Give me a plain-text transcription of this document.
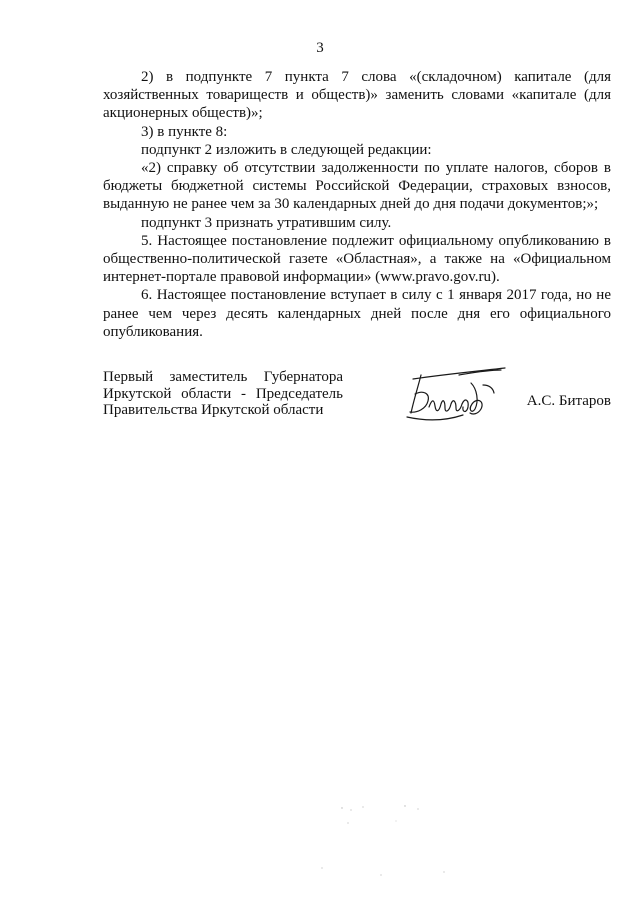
3

2) в подпункте 7 пункта 7 слова «(складочном) капитале (для хозяйственных товариществ и обществ)» заменить словами «капитале (для акционерных обществ)»;

3) в пункте 8:

подпункт 2 изложить в следующей редакции:

«2) справку об отсутствии задолженности по уплате налогов, сборов в бюджеты бюджетной системы Российской Федерации, страховых взносов, выданную не ранее чем за 30 календарных дней до дня подачи документов;»;

подпункт 3 признать утратившим силу.

5. Настоящее постановление подлежит официальному опубликованию в общественно-политической газете «Областная», а также на «Официальном интернет-портале правовой информации» (www.pravo.gov.ru).

6. Настоящее постановление вступает в силу с 1 января 2017 года, но не ранее чем через десять календарных дней после дня его официального опубликования.

Первый заместитель Губернатора
Иркутской области - Председатель
Правительства Иркутской области
А.С. Битаров
